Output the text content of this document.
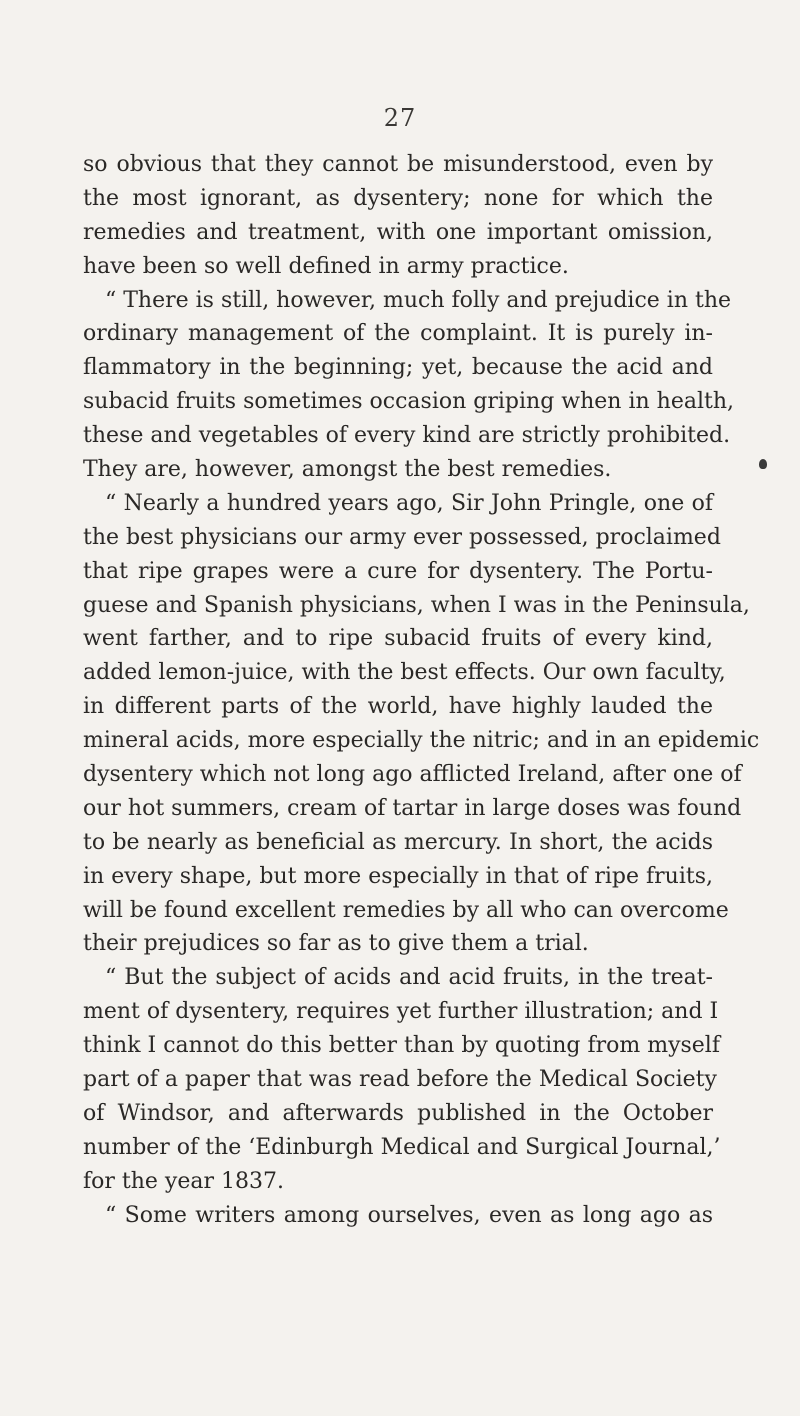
27
so obvious that they cannot be misunderstood, even by
the most ignorant, as dysentery; none for which the
remedies and treatment, with one important omission,
have been so well defined in army practice.
“ There is still, however, much folly and prejudice in the
ordinary management of the complaint. It is purely in-
flammatory in the beginning; yet, because the acid and
subacid fruits sometimes occasion griping when in health,
these and vegetables of every kind are strictly prohibited.
They are, however, amongst the best remedies.
“ Nearly a hundred years ago, Sir John Pringle, one of
the best physicians our army ever possessed, proclaimed
that ripe grapes were a cure for dysentery. The Portu-
guese and Spanish physicians, when I was in the Peninsula,
went farther, and to ripe subacid fruits of every kind,
added lemon-juice, with the best effects. Our own faculty,
in different parts of the world, have highly lauded the
mineral acids, more especially the nitric; and in an epidemic
dysentery which not long ago afflicted Ireland, after one of
our hot summers, cream of tartar in large doses was found
to be nearly as beneficial as mercury. In short, the acids
in every shape, but more especially in that of ripe fruits,
will be found excellent remedies by all who can overcome
their prejudices so far as to give them a trial.
“ But the subject of acids and acid fruits, in the treat-
ment of dysentery, requires yet further illustration; and I
think I cannot do this better than by quoting from myself
part of a paper that was read before the Medical Society
of Windsor, and afterwards published in the October
number of the ‘Edinburgh Medical and Surgical Journal,’
for the year 1837.
“ Some writers among ourselves, even as long ago as
